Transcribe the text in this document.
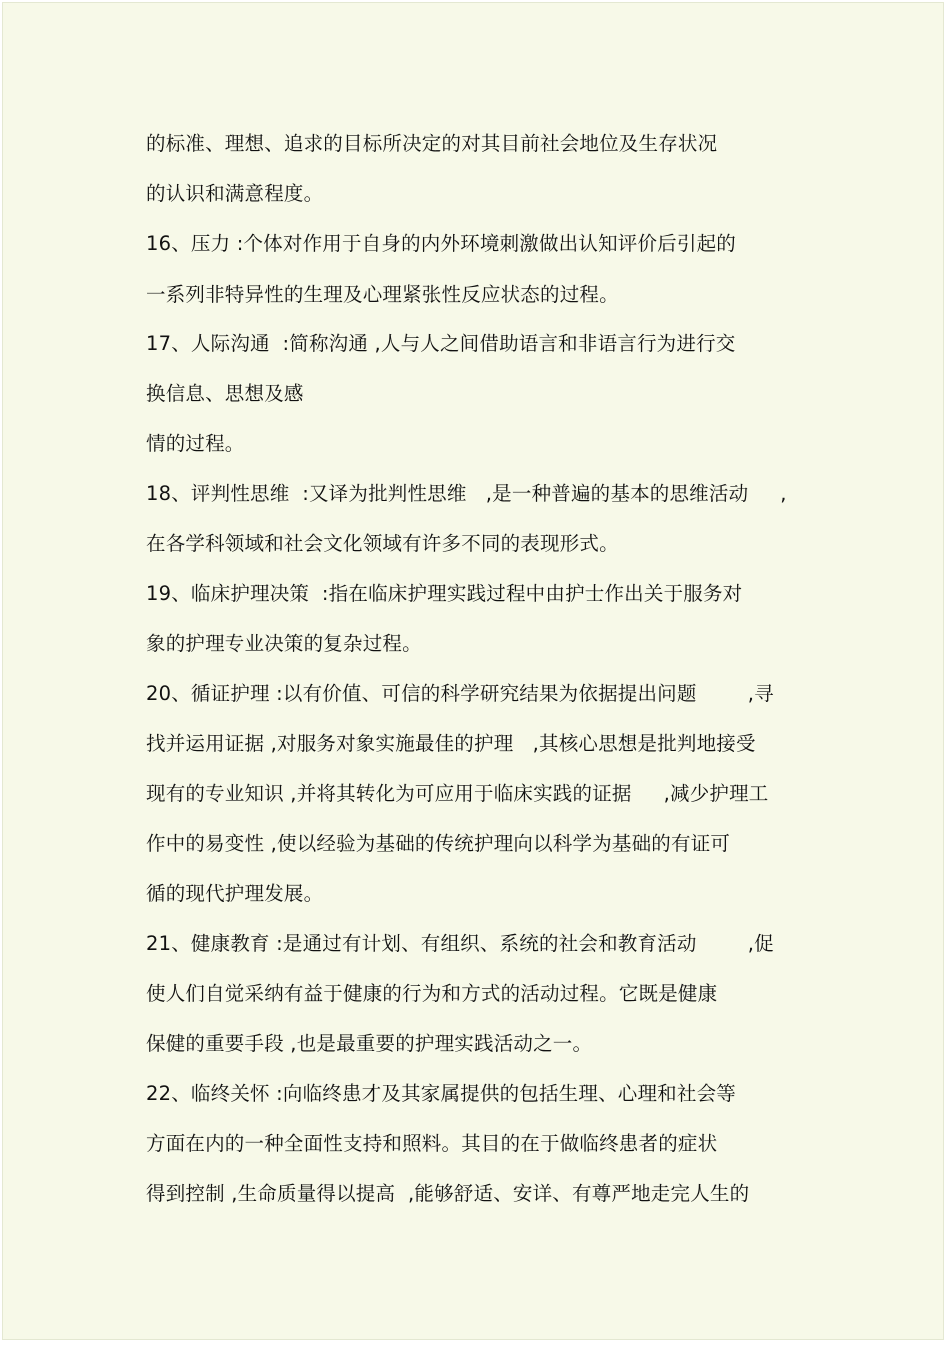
的标准、理想、追求的目标所决定的对其目前社会地位及生存状况
的认识和满意程度。
16、压力 :个体对作用于自身的内外环境刺激做出认知评价后引起的
一系列非特异性的生理及心理紧张性反应状态的过程。
17、人际沟通  :简称沟通 ,人与人之间借助语言和非语言行为进行交
换信息、思想及感
情的过程。
18、评判性思维  :又译为批判性思维   ,是一种普遍的基本的思维活动     ,
在各学科领域和社会文化领域有许多不同的表现形式。
19、临床护理决策  :指在临床护理实践过程中由护士作出关于服务对
象的护理专业决策的复杂过程。
20、循证护理 :以有价值、可信的科学研究结果为依据提出问题        ,寻
找并运用证据 ,对服务对象实施最佳的护理   ,其核心思想是批判地接受
现有的专业知识 ,并将其转化为可应用于临床实践的证据     ,减少护理工
作中的易变性 ,使以经验为基础的传统护理向以科学为基础的有证可
循的现代护理发展。
21、健康教育 :是通过有计划、有组织、系统的社会和教育活动        ,促
使人们自觉采纳有益于健康的行为和方式的活动过程。它既是健康
保健的重要手段 ,也是最重要的护理实践活动之一。
22、临终关怀 :向临终患才及其家属提供的包括生理、心理和社会等
方面在内的一种全面性支持和照料。其目的在于做临终患者的症状
得到控制 ,生命质量得以提高  ,能够舒适、安详、有尊严地走完人生的
